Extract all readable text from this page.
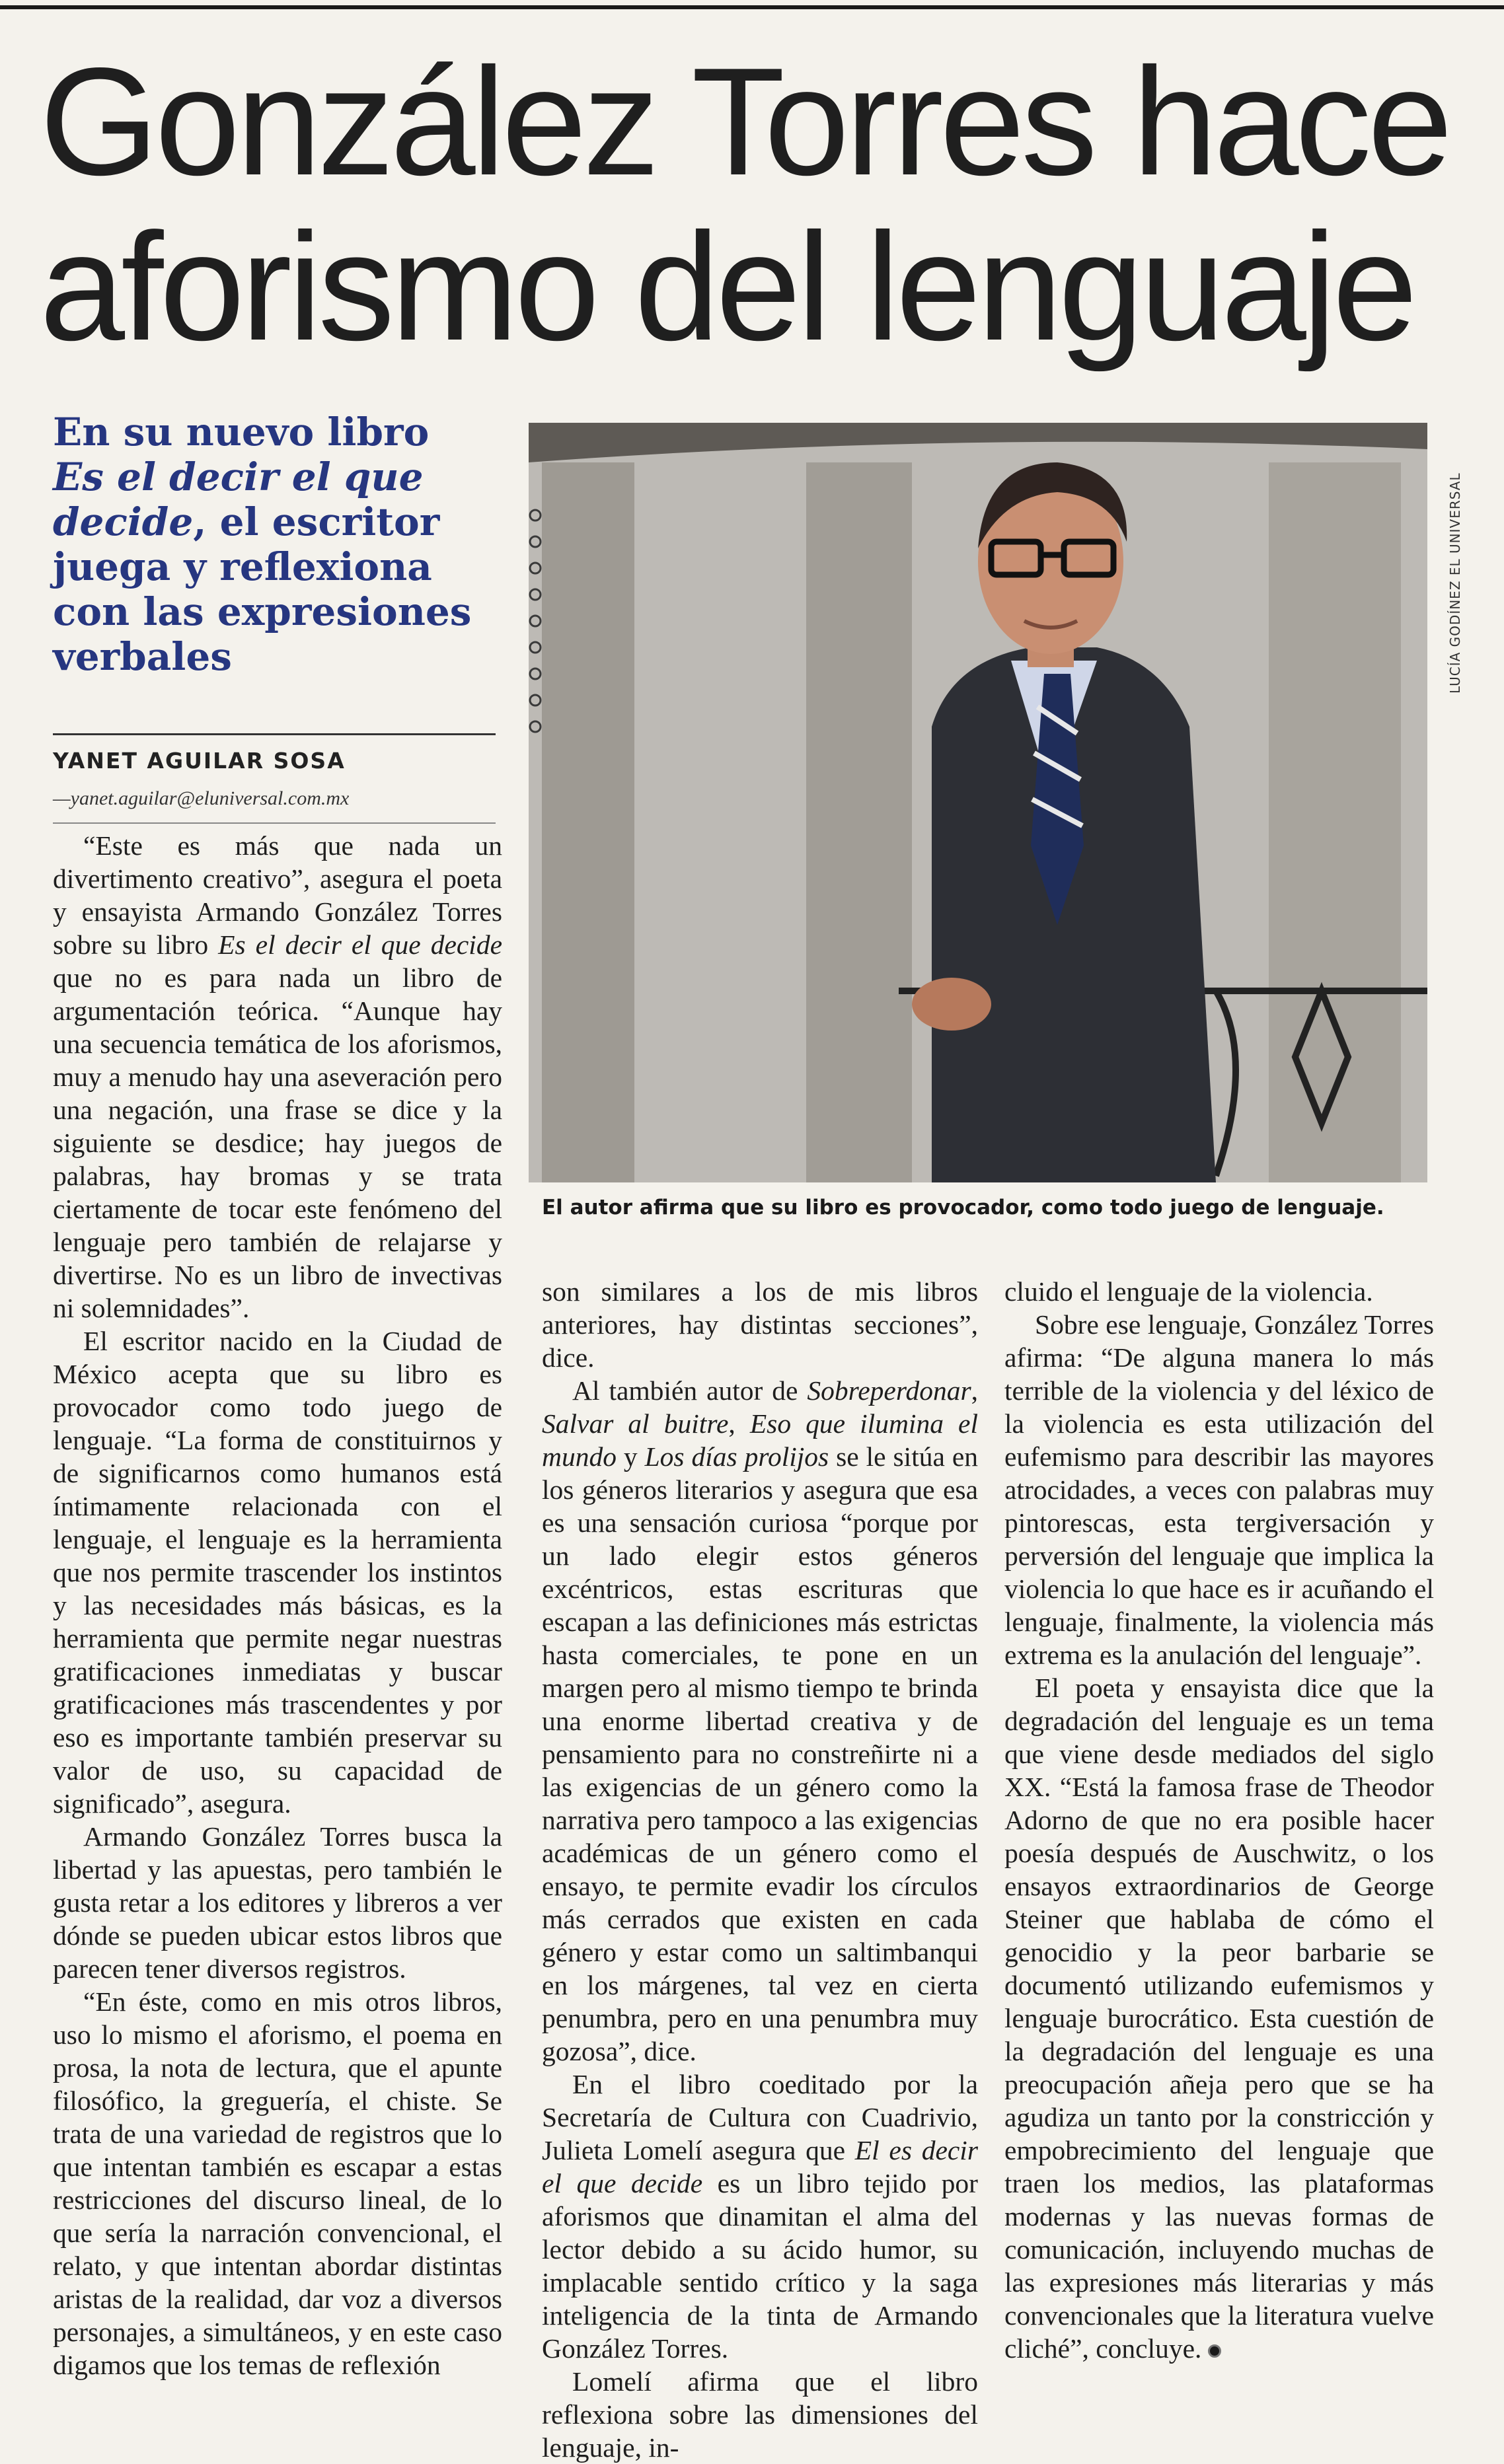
González Torres hace
aforismo del lenguaje
En su nuevo libro
Es el decir el que decide, el escritor juega y reflexiona con las expresiones verbales
YANET AGUILAR SOSA
—yanet.aguilar@eluniversal.com.mx
LUCÍA GODÍNEZ EL UNIVERSAL
El autor afirma que su libro es provocador, como todo juego de lenguaje.

“Este es más que nada un divertimento creativo”, asegura el poeta y ensayista Armando González Torres sobre su libro Es el decir el que decide que no es para nada un libro de argumentación teórica. “Aunque hay una secuencia temática de los aforismos, muy a menudo hay una aseveración pero una negación, una frase se dice y la siguiente se desdice; hay juegos de palabras, hay bromas y se trata ciertamente de tocar este fenómeno del lenguaje pero también de relajarse y divertirse. No es un libro de invectivas ni solemnidades”.

El escritor nacido en la Ciudad de México acepta que su libro es provocador como todo juego de lenguaje. “La forma de constituirnos y de significarnos como humanos está íntimamente relacionada con el lenguaje, el lenguaje es la herramienta que nos permite trascender los instintos y las necesidades más básicas, es la herramienta que permite negar nuestras gratificaciones inmediatas y buscar gratificaciones más trascendentes y por eso es importante también preservar su valor de uso, su capacidad de significado”, asegura.

Armando González Torres busca la libertad y las apuestas, pero también le gusta retar a los editores y libreros a ver dónde se pueden ubicar estos libros que parecen tener diversos registros.

“En éste, como en mis otros libros, uso lo mismo el aforismo, el poema en prosa, la nota de lectura, que el apunte filosófico, la greguería, el chiste. Se trata de una variedad de registros que lo que intentan también es escapar a estas restricciones del discurso lineal, de lo que sería la narración convencional, el relato, y que intentan abordar distintas aristas de la realidad, dar voz a diversos personajes, a simultáneos, y en este caso digamos que los temas de reflexión

son similares a los de mis libros anteriores, hay distintas secciones”, dice.

Al también autor de Sobreperdonar, Salvar al buitre, Eso que ilumina el mundo y Los días prolijos se le sitúa en los géneros literarios y asegura que esa es una sensación curiosa “porque por un lado elegir estos géneros excéntricos, estas escrituras que escapan a las definiciones más estrictas hasta comerciales, te pone en un margen pero al mismo tiempo te brinda una enorme libertad creativa y de pensamiento para no constreñirte ni a las exigencias de un género como la narrativa pero tampoco a las exigencias académicas de un género como el ensayo, te permite evadir los círculos más cerrados que existen en cada género y estar como un saltimbanqui en los márgenes, tal vez en cierta penumbra, pero en una penumbra muy gozosa”, dice.

En el libro coeditado por la Secretaría de Cultura con Cuadrivio, Julieta Lomelí asegura que El es decir el que decide es un libro tejido por aforismos que dinamitan el alma del lector debido a su ácido humor, su implacable sentido crítico y la saga inteligencia de la tinta de Armando González Torres.

Lomelí afirma que el libro reflexiona sobre las dimensiones del lenguaje, in-

cluido el lenguaje de la violencia.

Sobre ese lenguaje, González Torres afirma: “De alguna manera lo más terrible de la violencia y del léxico de la violencia es esta utilización del eufemismo para describir las mayores atrocidades, a veces con palabras muy pintorescas, esta tergiversación y perversión del lenguaje que implica la violencia lo que hace es ir acuñando el lenguaje, finalmente, la violencia más extrema es la anulación del lenguaje”.

El poeta y ensayista dice que la degradación del lenguaje es un tema que viene desde mediados del siglo XX. “Está la famosa frase de Theodor Adorno de que no era posible hacer poesía después de Auschwitz, o los ensayos extraordinarios de George Steiner que hablaba de cómo el genocidio y la peor barbarie se documentó utilizando eufemismos y lenguaje burocrático. Esta cuestión de la degradación del lenguaje es una preocupación añeja pero que se ha agudiza un tanto por la constricción y empobrecimiento del lenguaje que traen los medios, las plataformas modernas y las nuevas formas de comunicación, incluyendo muchas de las expresiones más literarias y más convencionales que la literatura vuelve cliché”, concluye.
